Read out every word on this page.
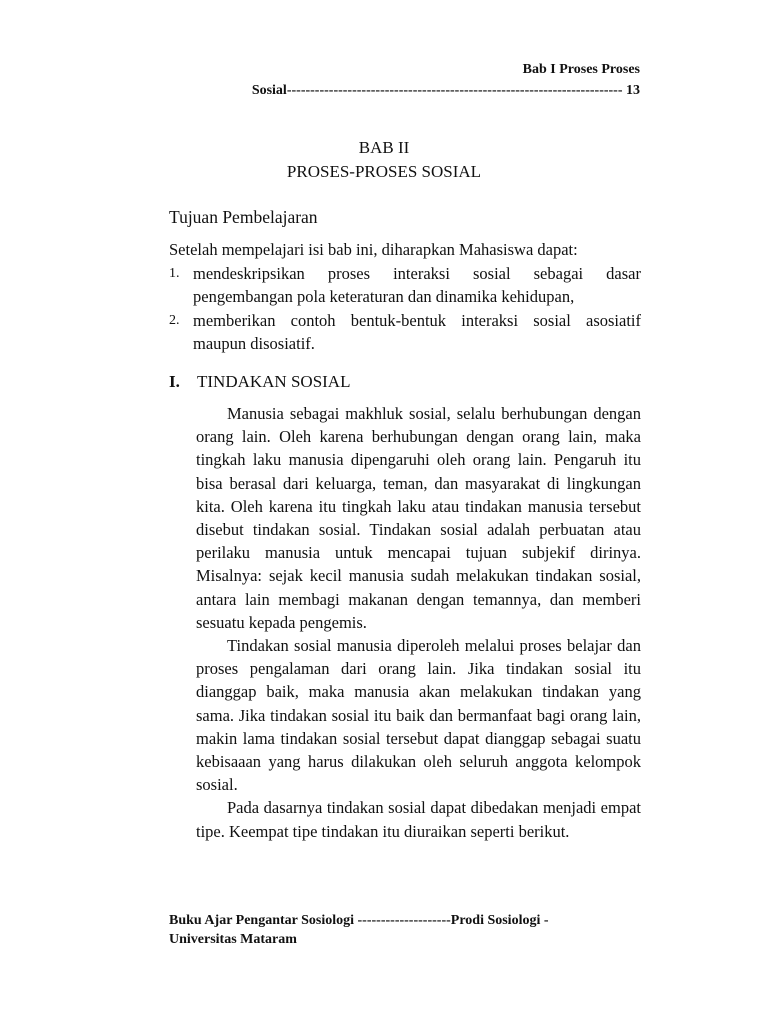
Bab I Proses Proses
Sosial------------------------------------------------------------------------ 13
BAB II
PROSES-PROSES SOSIAL
Tujuan Pembelajaran
Setelah mempelajari isi bab ini, diharapkan Mahasiswa dapat:
1. mendeskripsikan proses interaksi sosial sebagai dasar pengembangan pola keteraturan dan dinamika kehidupan,
2. memberikan contoh bentuk-bentuk interaksi sosial asosiatif maupun disosiatif.
I. TINDAKAN SOSIAL

Manusia sebagai makhluk sosial, selalu berhubungan dengan orang lain. Oleh karena berhubungan dengan orang lain, maka tingkah laku manusia dipengaruhi oleh orang lain. Pengaruh itu bisa berasal dari keluarga, teman, dan masyarakat di lingkungan kita. Oleh karena itu tingkah laku atau tindakan manusia tersebut disebut tindakan sosial. Tindakan sosial adalah perbuatan atau perilaku manusia untuk mencapai tujuan subjekif dirinya. Misalnya: sejak kecil manusia sudah melakukan tindakan sosial, antara lain membagi makanan dengan temannya, dan memberi sesuatu kepada pengemis.

Tindakan sosial manusia diperoleh melalui proses belajar dan proses pengalaman dari orang lain. Jika tindakan sosial itu dianggap baik, maka manusia akan melakukan tindakan yang sama. Jika tindakan sosial itu baik dan bermanfaat bagi orang lain, makin lama tindakan sosial tersebut dapat dianggap sebagai suatu kebisaaan yang harus dilakukan oleh seluruh anggota kelompok sosial.

Pada dasarnya tindakan sosial dapat dibedakan menjadi empat tipe. Keempat tipe tindakan itu diuraikan seperti berikut.

Buku Ajar Pengantar Sosiologi --------------------Prodi Sosiologi -
Universitas Mataram
